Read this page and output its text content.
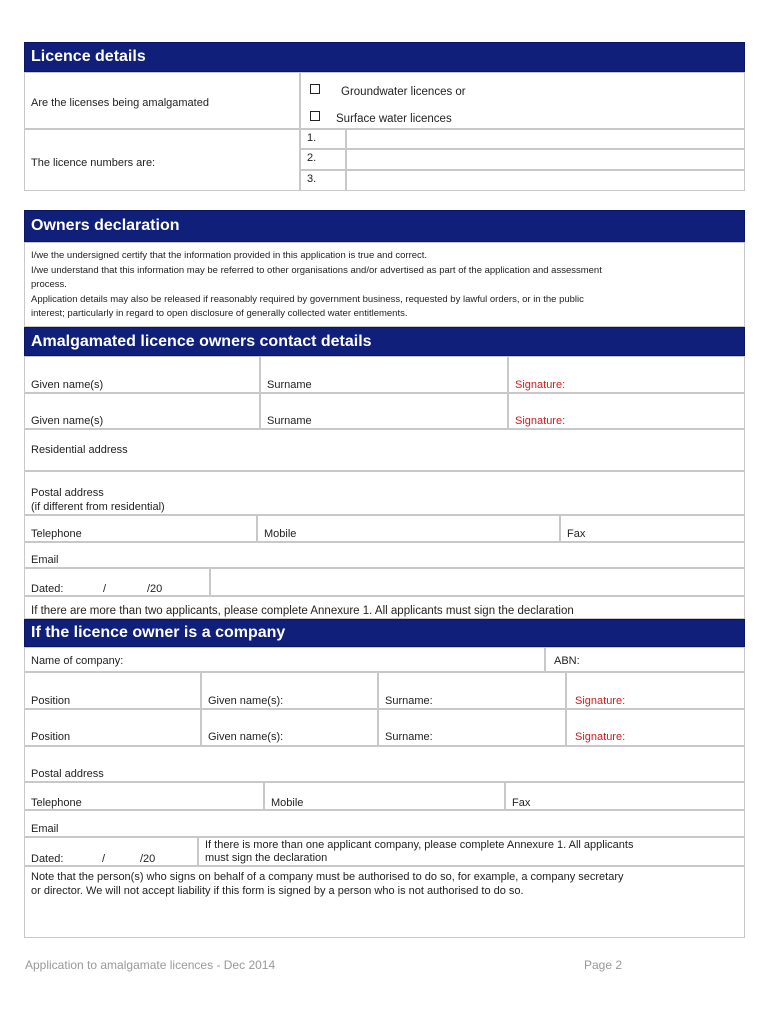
Licence details
Are the licenses being amalgamated
Groundwater licences or
Surface water licences
The licence numbers are:
1.
2.
3.
Owners declaration
I/we the undersigned certify that the information provided in this application is true and correct.
I/we understand that this information may be referred to other organisations and/or advertised as part of the application and assessment
process.
Application details may also be released if reasonably required by government business, requested by lawful orders, or in the public
interest; particularly in regard to open disclosure of generally collected water entitlements.
Amalgamated licence owners contact details
Given name(s)	Surname	Signature:
Given name(s)	Surname	Signature:
Residential address
Postal address
(if different from residential)
Telephone	Mobile	Fax
Email
Dated:	/	/20
If there are more than two applicants, please complete Annexure 1. All applicants must sign the declaration
If the licence owner is a company
Name of company:	ABN:
Position	Given name(s):	Surname:	Signature:
Position	Given name(s):	Surname:	Signature:
Postal address
Telephone	Mobile	Fax
Email
Dated:	/	/20
If there is more than one applicant company, please complete Annexure 1. All applicants
must sign the declaration
Note that the person(s) who signs on behalf of a company must be authorised to do so, for example, a company secretary
or director. We will not accept liability if this form is signed by a person who is not authorised to do so.
Application to amalgamate licences - Dec 2014	Page 2
